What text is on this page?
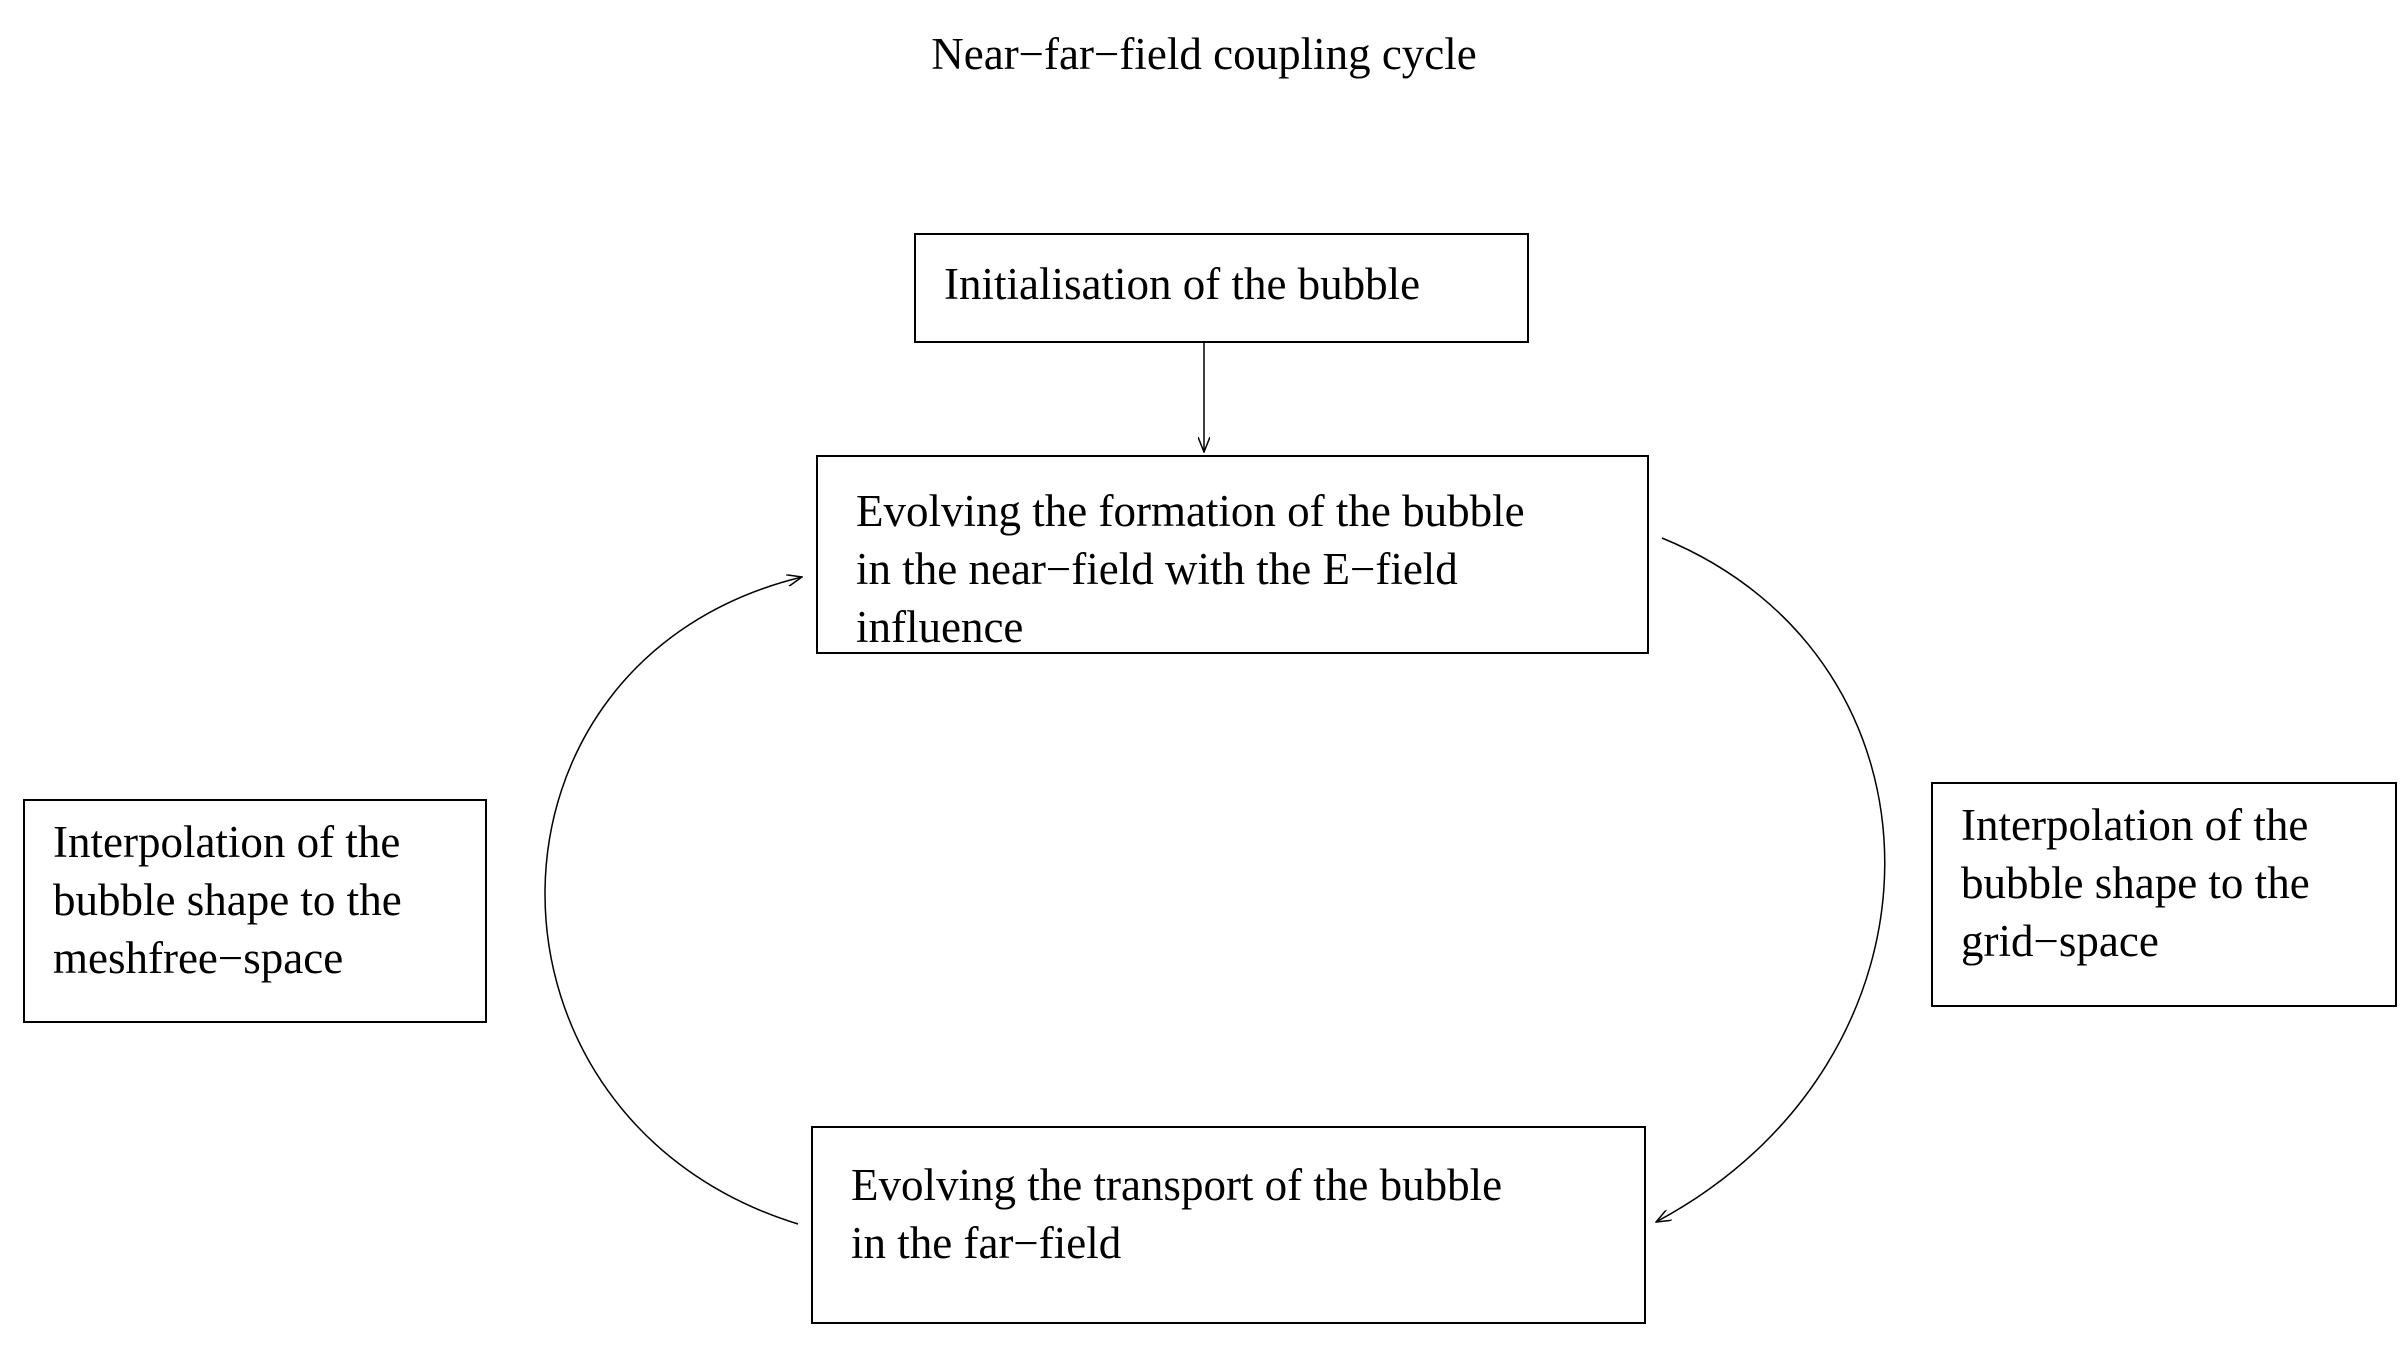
Near−far−field coupling cycle
Initialisation of the bubble
Evolving the formation of the bubble
in the near−field with the E−field
influence
Evolving the transport of the bubble
in the far−field
Interpolation of the
bubble shape to the
meshfree−space
Interpolation of the
bubble shape to the
grid−space
